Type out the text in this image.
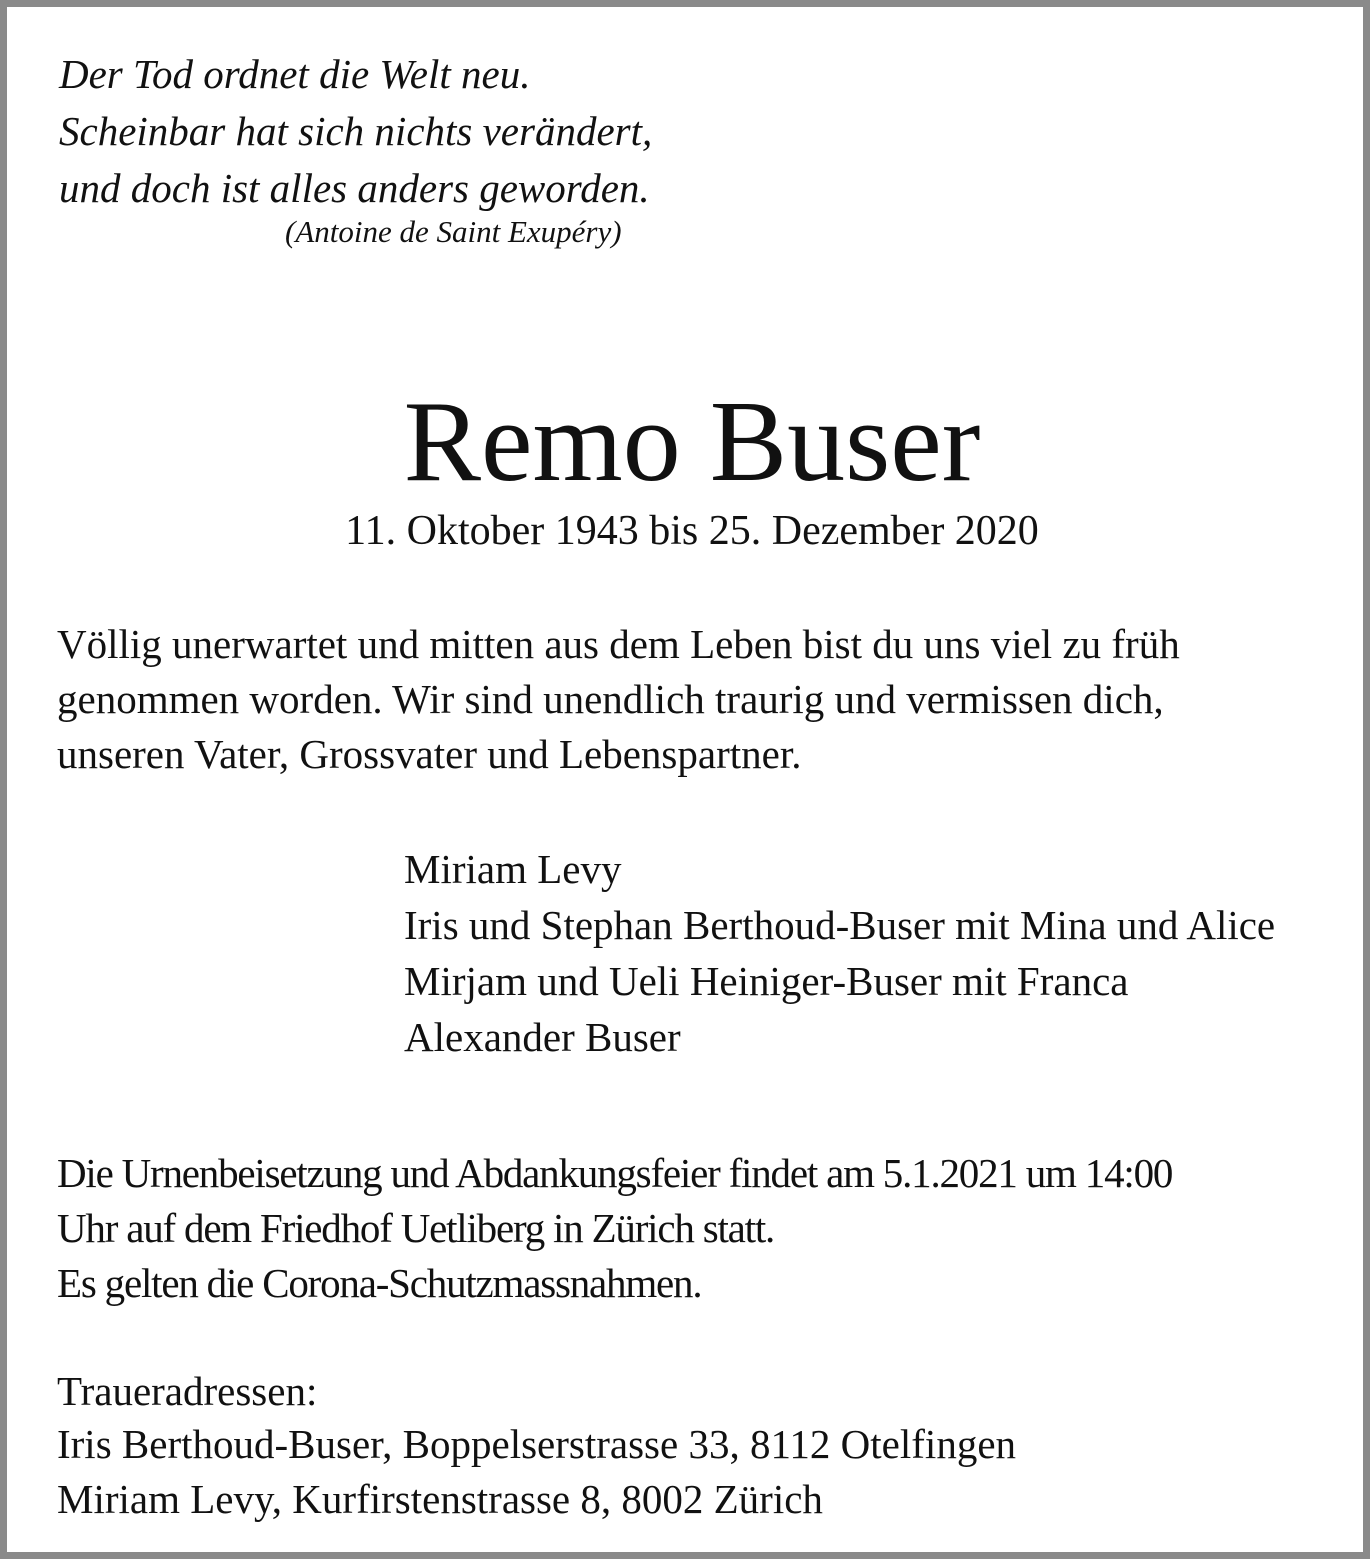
Der Tod ordnet die Welt neu.
Scheinbar hat sich nichts verändert,
und doch ist alles anders geworden.
(Antoine de Saint Exupéry)
Remo Buser
11. Oktober 1943 bis 25. Dezember 2020
Völlig unerwartet und mitten aus dem Leben bist du uns viel zu früh
genommen worden. Wir sind unendlich traurig und vermissen dich,
unseren Vater, Grossvater und Lebenspartner.
Miriam Levy
Iris und Stephan Berthoud-Buser mit Mina und Alice
Mirjam und Ueli Heiniger-Buser mit Franca
Alexander Buser
Die Urnenbeisetzung und Abdankungsfeier findet am 5.1.2021 um 14:00
Uhr auf dem Friedhof Uetliberg in Zürich statt.
Es gelten die Corona-Schutzmassnahmen.
Traueradressen:
Iris Berthoud-Buser, Boppelserstrasse 33, 8112 Otelfingen
Miriam Levy, Kurfirstenstrasse 8, 8002 Zürich
